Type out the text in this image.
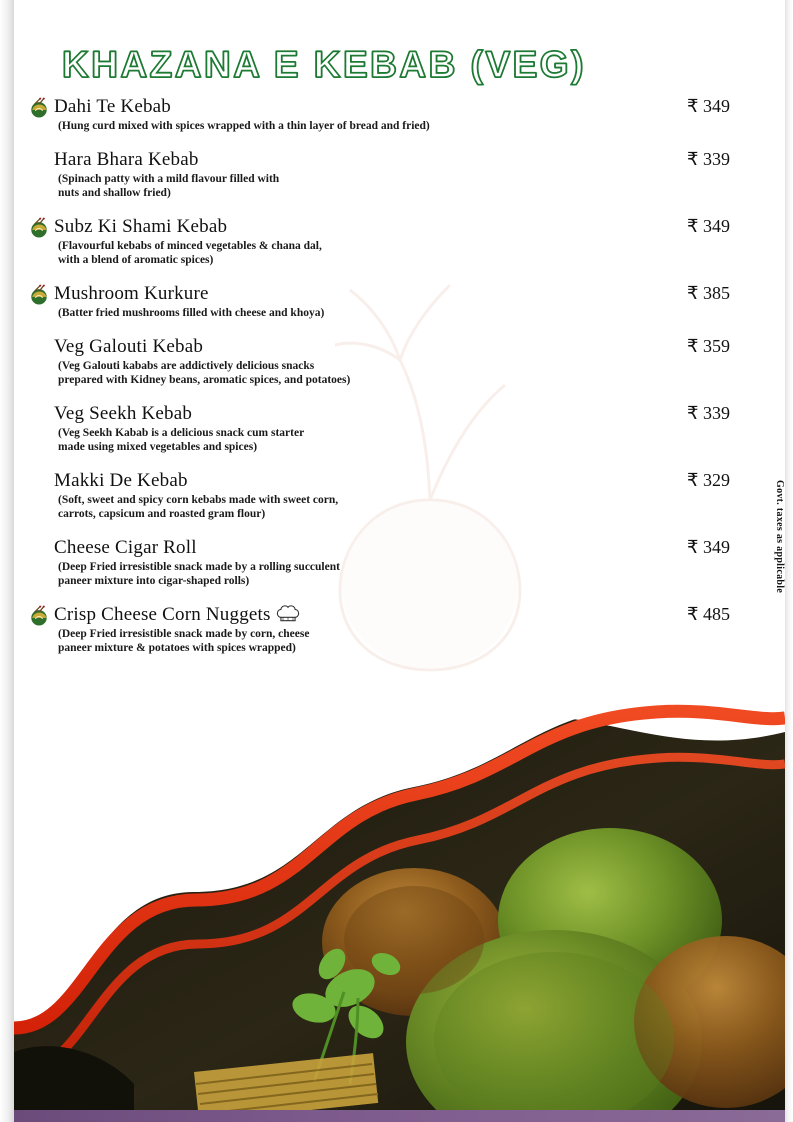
KHAZANA E KEBAB (VEG)
Dahi Te Kebab	₹ 349
(Hung curd mixed with spices wrapped with a thin layer of bread and fried)
Hara Bhara Kebab	₹ 339
(Spinach patty with a mild flavour filled with
nuts and shallow fried)
Subz Ki Shami Kebab	₹ 349
(Flavourful kebabs of minced vegetables & chana dal,
with a blend of aromatic spices)
Mushroom Kurkure	₹ 385
(Batter fried mushrooms filled with cheese and khoya)
Veg Galouti Kebab	₹ 359
(Veg Galouti kababs are addictively delicious snacks
prepared with Kidney beans, aromatic spices, and potatoes)
Veg Seekh Kebab	₹ 339
(Veg Seekh Kabab is a delicious snack cum starter
made using mixed vegetables and spices)
Makki De Kebab	₹ 329
(Soft, sweet and spicy corn kebabs made with sweet corn,
carrots, capsicum and roasted gram flour)
Cheese Cigar Roll	₹ 349
(Deep Fried irresistible snack made by a rolling succulent
paneer mixture into cigar-shaped rolls)
Crisp Cheese Corn Nuggets	₹ 485
(Deep Fried irresistible snack made by corn, cheese
paneer mixture & potatoes with spices wrapped)
Govt. taxes as applicable
